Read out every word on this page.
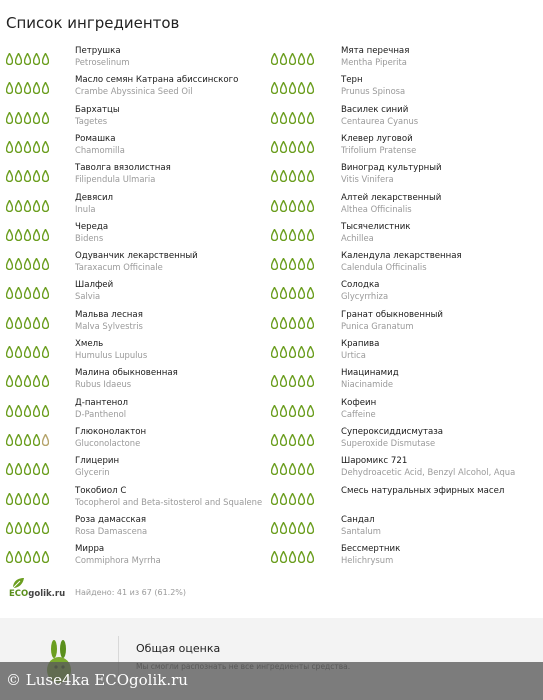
Список ингредиентов
Петрушка
Petroselinum
Мята перечная
Mentha Piperita
Масло семян Катрана абиссинского
Crambe Abyssinica Seed Oil
Терн
Prunus Spinosa
Бархатцы
Tagetes
Василек синий
Centaurea Cyanus
Ромашка
Chamomilla
Клевер луговой
Trifolium Pratense
Таволга вязолистная
Filipendula Ulmaria
Виноград культурный
Vitis Vinifera
Девясил
Inula
Алтей лекарственный
Althea Officinalis
Череда
Bidens
Тысячелистник
Achillea
Одуванчик лекарственный
Taraxacum Officinale
Календула лекарственная
Calendula Officinalis
Шалфей
Salvia
Солодка
Glycyrrhiza
Мальва лесная
Malva Sylvestris
Гранат обыкновенный
Punica Granatum
Хмель
Humulus Lupulus
Крапива
Urtica
Малина обыкновенная
Rubus Idaeus
Ниацинамид
Niacinamide
Д-пантенол
D-Panthenol
Кофеин
Caffeine
Глюконолактон
Gluconolactone
Супероксиддисмутаза
Superoxide Dismutase
Глицерин
Glycerin
Шаромикс 721
Dehydroacetic Acid, Benzyl Alcohol, Aqua
Токобиол С
Tocopherol and Beta-sitosterol and Squalene
Смесь натуральных эфирных масел
Роза дамасская
Rosa Damascena
Сандал
Santalum
Мирра
Commiphora Myrrha
Бессмертник
Helichrysum
ECOgolik.ru Найдено: 41 из 67 (61.2%)
Общая оценка
© Luse4ka ECOgolik.ru
